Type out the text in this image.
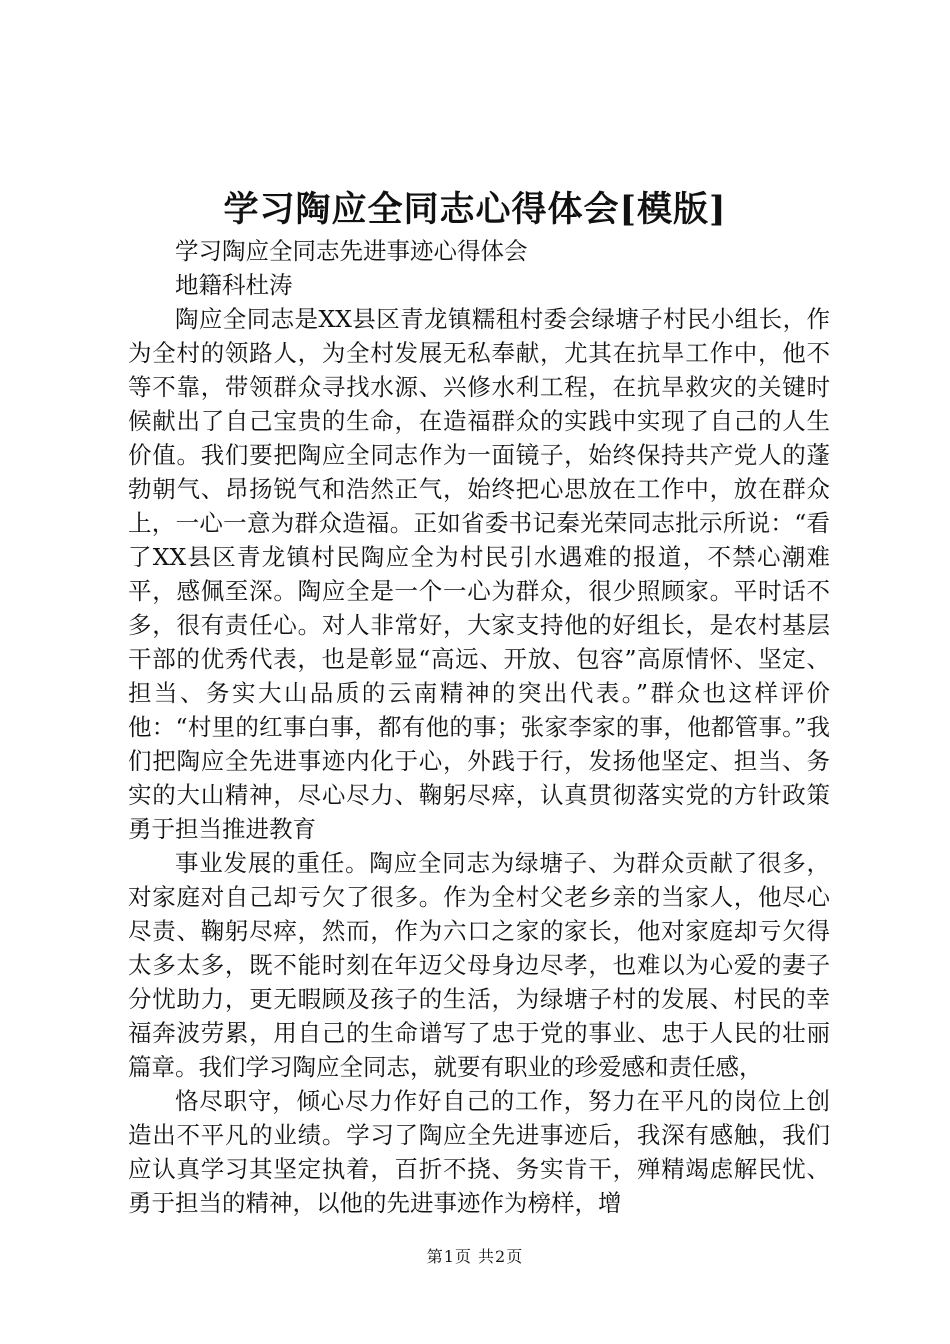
学习陶应全同志心得体会[模版]

学习陶应全同志先进事迹心得体会

地籍科杜涛

陶应全同志是XX县区青龙镇糯租村委会绿塘子村民小组长，作为全村的领路人，为全村发展无私奉献，尤其在抗旱工作中，他不等不靠，带领群众寻找水源、兴修水利工程，在抗旱救灾的关键时候献出了自己宝贵的生命，在造福群众的实践中实现了自己的人生价值。我们要把陶应全同志作为一面镜子，始终保持共产党人的蓬勃朝气、昂扬锐气和浩然正气，始终把心思放在工作中，放在群众上，一心一意为群众造福。正如省委书记秦光荣同志批示所说：“看了XX县区青龙镇村民陶应全为村民引水遇难的报道，不禁心潮难平，感佩至深。陶应全是一个一心为群众，很少照顾家。平时话不多，很有责任心。对人非常好，大家支持他的好组长，是农村基层干部的优秀代表，也是彰显“高远、开放、包容”高原情怀、坚定、担当、务实大山品质的云南精神的突出代表。”群众也这样评价他：“村里的红事白事，都有他的事；张家李家的事，他都管事。”我们把陶应全先进事迹内化于心，外践于行，发扬他坚定、担当、务实的大山精神，尽心尽力、鞠躬尽瘁，认真贯彻落实党的方针政策勇于担当推进教育

事业发展的重任。陶应全同志为绿塘子、为群众贡献了很多，对家庭对自己却亏欠了很多。作为全村父老乡亲的当家人，他尽心尽责、鞠躬尽瘁，然而，作为六口之家的家长，他对家庭却亏欠得太多太多，既不能时刻在年迈父母身边尽孝，也难以为心爱的妻子分忧助力，更无暇顾及孩子的生活，为绿塘子村的发展、村民的幸福奔波劳累，用自己的生命谱写了忠于党的事业、忠于人民的壮丽篇章。我们学习陶应全同志，就要有职业的珍爱感和责任感，

恪尽职守，倾心尽力作好自己的工作，努力在平凡的岗位上创造出不平凡的业绩。学习了陶应全先进事迹后，我深有感触，我们应认真学习其坚定执着，百折不挠、务实肯干，殚精竭虑解民忧、勇于担当的精神，以他的先进事迹作为榜样，增

第1页 共2页
